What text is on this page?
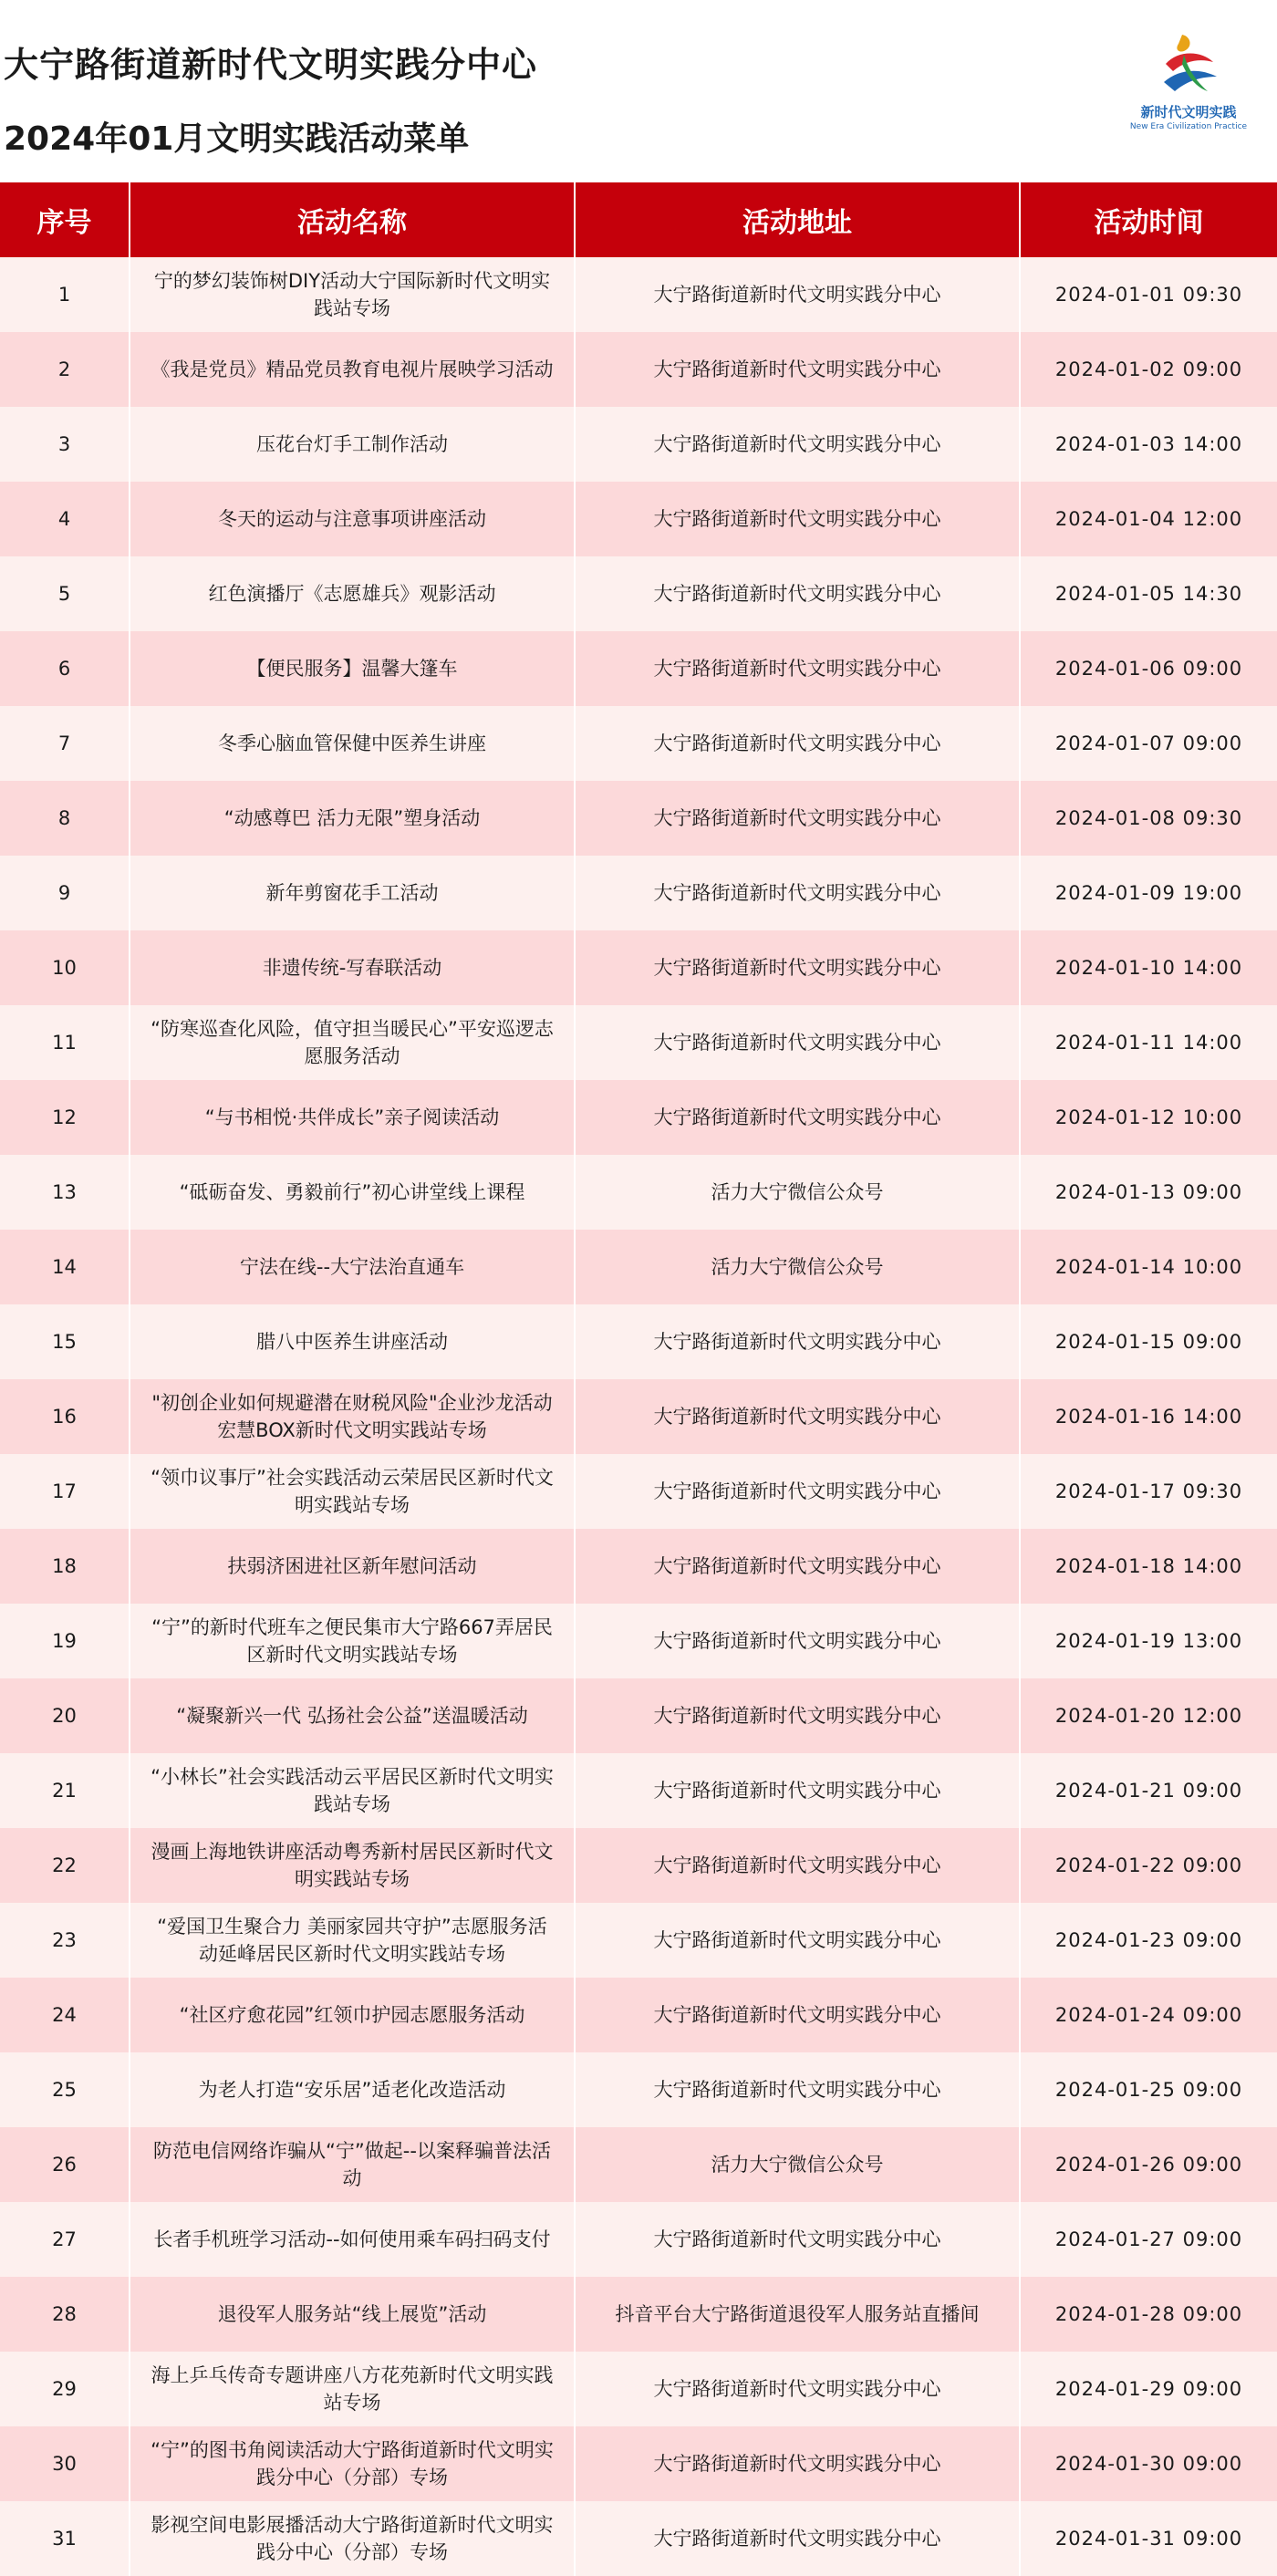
大宁路街道新时代文明实践分中心
2024年01月文明实践活动菜单
新时代文明实践
New Era Civilization Practice
序号	活动名称	活动地址	活动时间
1	宁的梦幻装饰树DIY活动大宁国际新时代文明实践站专场	大宁路街道新时代文明实践分中心	2024-01-01 09:30
2	《我是党员》精品党员教育电视片展映学习活动	大宁路街道新时代文明实践分中心	2024-01-02 09:00
3	压花台灯手工制作活动	大宁路街道新时代文明实践分中心	2024-01-03 14:00
4	冬天的运动与注意事项讲座活动	大宁路街道新时代文明实践分中心	2024-01-04 12:00
5	红色演播厅《志愿雄兵》观影活动	大宁路街道新时代文明实践分中心	2024-01-05 14:30
6	【便民服务】温馨大篷车	大宁路街道新时代文明实践分中心	2024-01-06 09:00
7	冬季心脑血管保健中医养生讲座	大宁路街道新时代文明实践分中心	2024-01-07 09:00
8	“动感尊巴 活力无限”塑身活动	大宁路街道新时代文明实践分中心	2024-01-08 09:30
9	新年剪窗花手工活动	大宁路街道新时代文明实践分中心	2024-01-09 19:00
10	非遗传统-写春联活动	大宁路街道新时代文明实践分中心	2024-01-10 14:00
11	“防寒巡查化风险，值守担当暖民心”平安巡逻志愿服务活动	大宁路街道新时代文明实践分中心	2024-01-11 14:00
12	“与书相悦·共伴成长”亲子阅读活动	大宁路街道新时代文明实践分中心	2024-01-12 10:00
13	“砥砺奋发、勇毅前行”初心讲堂线上课程	活力大宁微信公众号	2024-01-13 09:00
14	宁法在线--大宁法治直通车	活力大宁微信公众号	2024-01-14 10:00
15	腊八中医养生讲座活动	大宁路街道新时代文明实践分中心	2024-01-15 09:00
16	"初创企业如何规避潜在财税风险"企业沙龙活动宏慧BOX新时代文明实践站专场	大宁路街道新时代文明实践分中心	2024-01-16 14:00
17	“领巾议事厅”社会实践活动云荣居民区新时代文明实践站专场	大宁路街道新时代文明实践分中心	2024-01-17 09:30
18	扶弱济困进社区新年慰问活动	大宁路街道新时代文明实践分中心	2024-01-18 14:00
19	“宁”的新时代班车之便民集市大宁路667弄居民区新时代文明实践站专场	大宁路街道新时代文明实践分中心	2024-01-19 13:00
20	“凝聚新兴一代 弘扬社会公益”送温暖活动	大宁路街道新时代文明实践分中心	2024-01-20 12:00
21	“小林长”社会实践活动云平居民区新时代文明实践站专场	大宁路街道新时代文明实践分中心	2024-01-21 09:00
22	漫画上海地铁讲座活动粤秀新村居民区新时代文明实践站专场	大宁路街道新时代文明实践分中心	2024-01-22 09:00
23	“爱国卫生聚合力 美丽家园共守护”志愿服务活动延峰居民区新时代文明实践站专场	大宁路街道新时代文明实践分中心	2024-01-23 09:00
24	“社区疗愈花园”红领巾护园志愿服务活动	大宁路街道新时代文明实践分中心	2024-01-24 09:00
25	为老人打造“安乐居”适老化改造活动	大宁路街道新时代文明实践分中心	2024-01-25 09:00
26	防范电信网络诈骗从“宁”做起--以案释骗普法活动	活力大宁微信公众号	2024-01-26 09:00
27	长者手机班学习活动--如何使用乘车码扫码支付	大宁路街道新时代文明实践分中心	2024-01-27 09:00
28	退役军人服务站“线上展览”活动	抖音平台大宁路街道退役军人服务站直播间	2024-01-28 09:00
29	海上乒乓传奇专题讲座八方花苑新时代文明实践站专场	大宁路街道新时代文明实践分中心	2024-01-29 09:00
30	“宁”的图书角阅读活动大宁路街道新时代文明实践分中心（分部）专场	大宁路街道新时代文明实践分中心	2024-01-30 09:00
31	影视空间电影展播活动大宁路街道新时代文明实践分中心（分部）专场	大宁路街道新时代文明实践分中心	2024-01-31 09:00
